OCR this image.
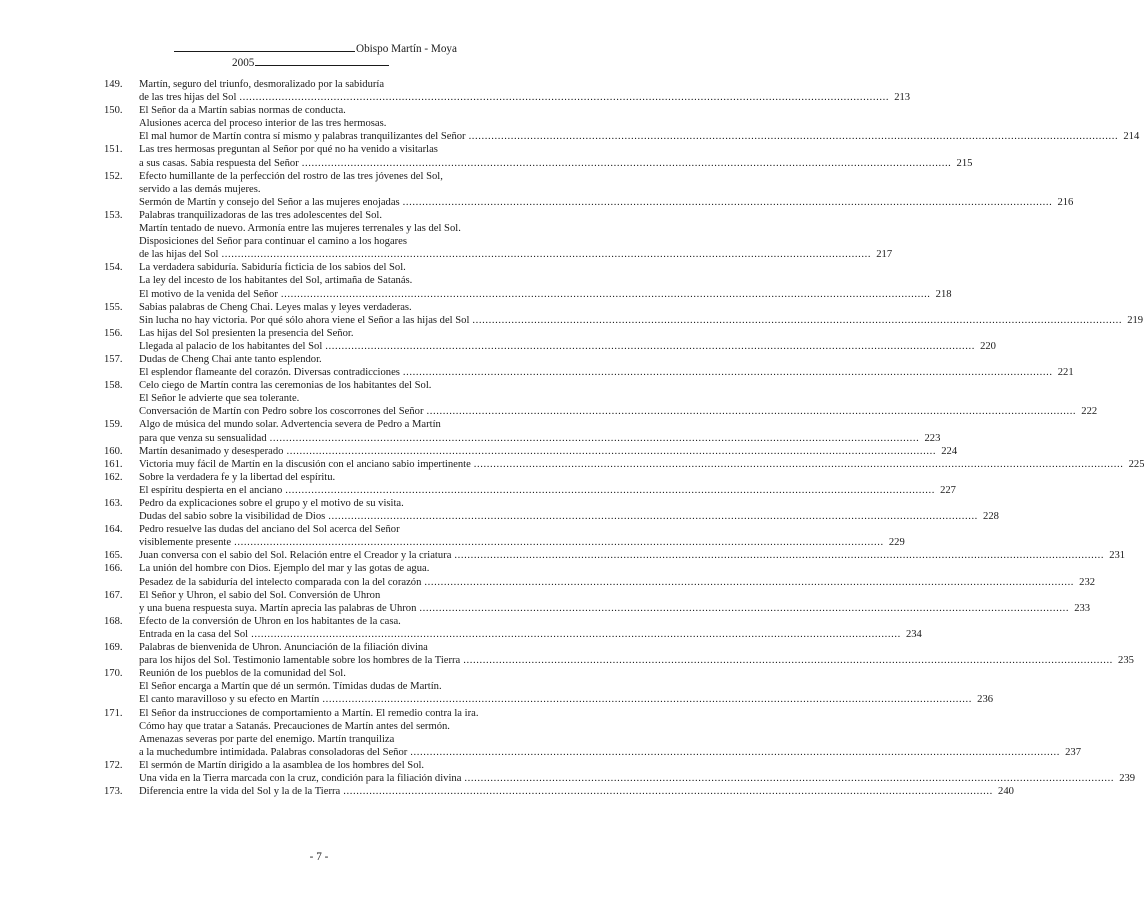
Obispo Martín - Moya
2005
149.	Martín, seguro del triunfo, desmoralizado por la sabiduría
de las tres hijas del Sol ........................................................................................................................................................................................................ 213
150.	El Señor da a Martín sabias normas de conducta.
Alusiones acerca del proceso interior de las tres hermosas.
El mal humor de Martín contra sí mismo y palabras tranquilizantes del Señor ........................................................................................................................................................................................................ 214
151.	Las tres hermosas preguntan al Señor por qué no ha venido a visitarlas
a sus casas. Sabia respuesta del Señor ........................................................................................................................................................................................................ 215
152.	Efecto humillante de la perfección del rostro de las tres jóvenes del Sol,
servido a las demás mujeres.
Sermón de Martín y consejo del Señor a las mujeres enojadas ........................................................................................................................................................................................................ 216
153.	Palabras tranquilizadoras de las tres adolescentes del Sol.
Martín tentado de nuevo. Armonía entre las mujeres terrenales y las del Sol.
Disposiciones del Señor para continuar el camino a los hogares
de las hijas del Sol ........................................................................................................................................................................................................ 217
154.	La verdadera sabiduría. Sabiduría ficticia de los sabios del Sol.
La ley del incesto de los habitantes del Sol, artimaña de Satanás.
El motivo de la venida del Señor ........................................................................................................................................................................................................ 218
155.	Sabias palabras de Cheng Chai. Leyes malas y leyes verdaderas.
Sin lucha no hay victoria. Por qué sólo ahora viene el Señor a las hijas del Sol ........................................................................................................................................................................................................ 219
156.	Las hijas del Sol presienten la presencia del Señor.
Llegada al palacio de los habitantes del Sol ........................................................................................................................................................................................................ 220
157.	Dudas de Cheng Chai ante tanto esplendor.
El esplendor flameante del corazón. Diversas contradicciones ........................................................................................................................................................................................................ 221
158.	Celo ciego de Martín contra las ceremonias de los habitantes del Sol.
El Señor le advierte que sea tolerante.
Conversación de Martín con Pedro sobre los coscorrones del Señor ........................................................................................................................................................................................................ 222
159.	Algo de música del mundo solar. Advertencia severa de Pedro a Martín
para que venza su sensualidad ........................................................................................................................................................................................................ 223
160.	Martín desanimado y desesperado ........................................................................................................................................................................................................ 224
161.	Victoria muy fácil de Martín en la discusión con el anciano sabio impertinente ........................................................................................................................................................................................................ 225
162.	Sobre la verdadera fe y la libertad del espíritu.
El espíritu despierta en el anciano ........................................................................................................................................................................................................ 227
163.	Pedro da explicaciones sobre el grupo y el motivo de su visita.
Dudas del sabio sobre la visibilidad de Dios ........................................................................................................................................................................................................ 228
164.	Pedro resuelve las dudas del anciano del Sol acerca del Señor
visiblemente presente ........................................................................................................................................................................................................ 229
165.	Juan conversa con el sabio del Sol. Relación entre el Creador y la criatura ........................................................................................................................................................................................................ 231
166.	La unión del hombre con Dios. Ejemplo del mar y las gotas de agua.
Pesadez de la sabiduría del intelecto comparada con la del corazón ........................................................................................................................................................................................................ 232
167.	El Señor y Uhron, el sabio del Sol. Conversión de Uhron
y una buena respuesta suya. Martín aprecia las palabras de Uhron ........................................................................................................................................................................................................ 233
168.	Efecto de la conversión de Uhron en los habitantes de la casa.
Entrada en la casa del Sol ........................................................................................................................................................................................................ 234
169.	Palabras de bienvenida de Uhron. Anunciación de la filiación divina
para los hijos del Sol. Testimonio lamentable sobre los hombres de la Tierra ........................................................................................................................................................................................................ 235
170.	Reunión de los pueblos de la comunidad del Sol.
El Señor encarga a Martín que dé un sermón. Tímidas dudas de Martín.
El canto maravilloso y su efecto en Martín ........................................................................................................................................................................................................ 236
171.	El Señor da instrucciones de comportamiento a Martín. El remedio contra la ira.
Cómo hay que tratar a Satanás. Precauciones de Martín antes del sermón.
Amenazas severas por parte del enemigo. Martín tranquiliza
a la muchedumbre intimidada. Palabras consoladoras del Señor ........................................................................................................................................................................................................ 237
172.	El sermón de Martín dirigido a la asamblea de los hombres del Sol.
Una vida en la Tierra marcada con la cruz, condición para la filiación divina ........................................................................................................................................................................................................ 239
173.	Diferencia entre la vida del Sol y la de la Tierra ........................................................................................................................................................................................................ 240
- 7 -
